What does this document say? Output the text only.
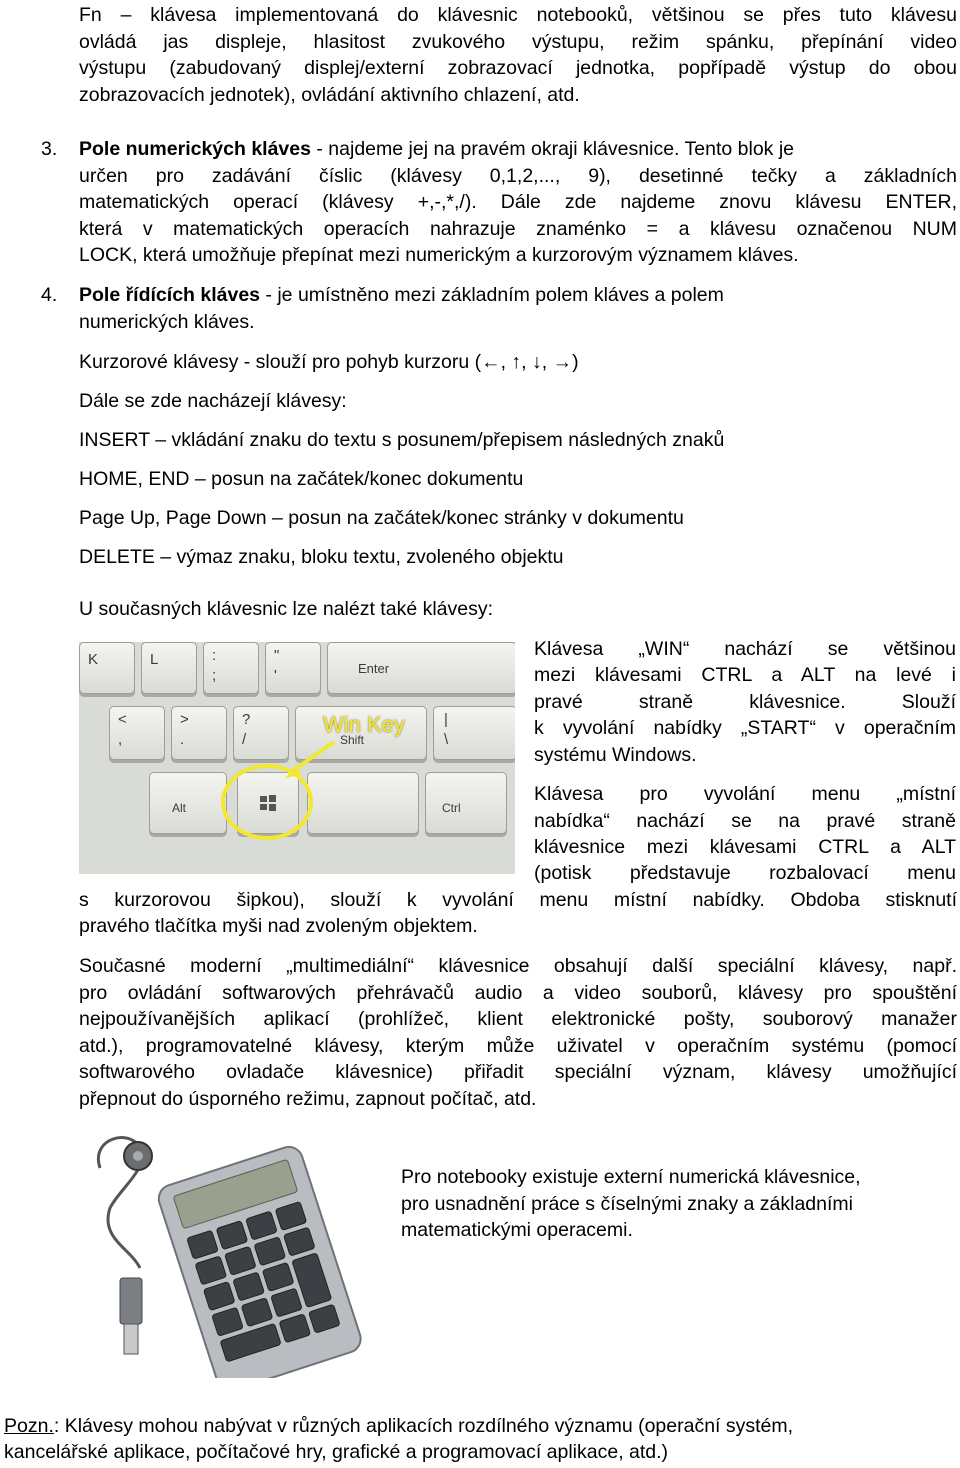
Fn – klávesa implementovaná do klávesnic notebooků, většinou se přes tuto klávesu
ovládá jas displeje, hlasitost zvukového výstupu, režim spánku, přepínání video
výstupu (zabudovaný displej/externí zobrazovací jednotka, popřípadě výstup do obou
zobrazovacích jednotek), ovládání aktivního chlazení, atd.
3. Pole numerických kláves - najdeme jej na pravém okraji klávesnice. Tento blok je
určen pro zadávání číslic (klávesy 0,1,2,..., 9), desetinné tečky a základních
matematických operací (klávesy +,-,*,/). Dále zde najdeme znovu klávesu ENTER,
která v matematických operacích nahrazuje znaménko = a klávesu označenou NUM
LOCK, která umožňuje přepínat mezi numerickým a kurzorovým významem kláves.
4. Pole řídících kláves - je umístněno mezi základním polem kláves a polem
numerických kláves.
Kurzorové klávesy - slouží pro pohyb kurzoru (←, ↑, ↓, →)
Dále se zde nacházejí klávesy:
INSERT – vkládání znaku do textu s posunem/přepisem následných znaků
HOME, END – posun na začátek/konec dokumentu
Page Up, Page Down – posun na začátek/konec stránky v dokumentu
DELETE – výmaz znaku, bloku textu, zvoleného objektu
U současných klávesnic lze nalézt také klávesy:
K	L	:
;
"
'	Enter
<
,
>
.
?
/	Shift
|
\
Alt	Ctrl
Win Key
Klávesa „WIN“ nachází se většinou
mezi klávesami CTRL a ALT na levé i
pravé straně klávesnice. Slouží
k vyvolání nabídky „START“ v operačním
systému Windows.
Klávesa pro vyvolání menu „místní
nabídka“ nachází se na pravé straně
klávesnice mezi klávesami CTRL a ALT
(potisk představuje rozbalovací menu
s kurzorovou šipkou), slouží k vyvolání menu místní nabídky. Obdoba stisknutí
pravého tlačítka myši nad zvoleným objektem.
Současné moderní „multimediální“ klávesnice obsahují další speciální klávesy, např.
pro ovládání softwarových přehrávačů audio a video souborů, klávesy pro spouštění
nejpoužívanějších aplikací (prohlížeč, klient elektronické pošty, souborový manažer
atd.), programovatelné klávesy, kterým může uživatel v operačním systému (pomocí
softwarového ovladače klávesnice) přiřadit speciální význam, klávesy umožňující
přepnout do úsporného režimu, zapnout počítač, atd.
Pro notebooky existuje externí numerická klávesnice,
pro usnadnění práce s číselnými znaky a základními
matematickými operacemi.
Pozn.: Klávesy mohou nabývat v různých aplikacích rozdílného významu (operační systém,
kancelářské aplikace, počítačové hry, grafické a programovací aplikace, atd.)
